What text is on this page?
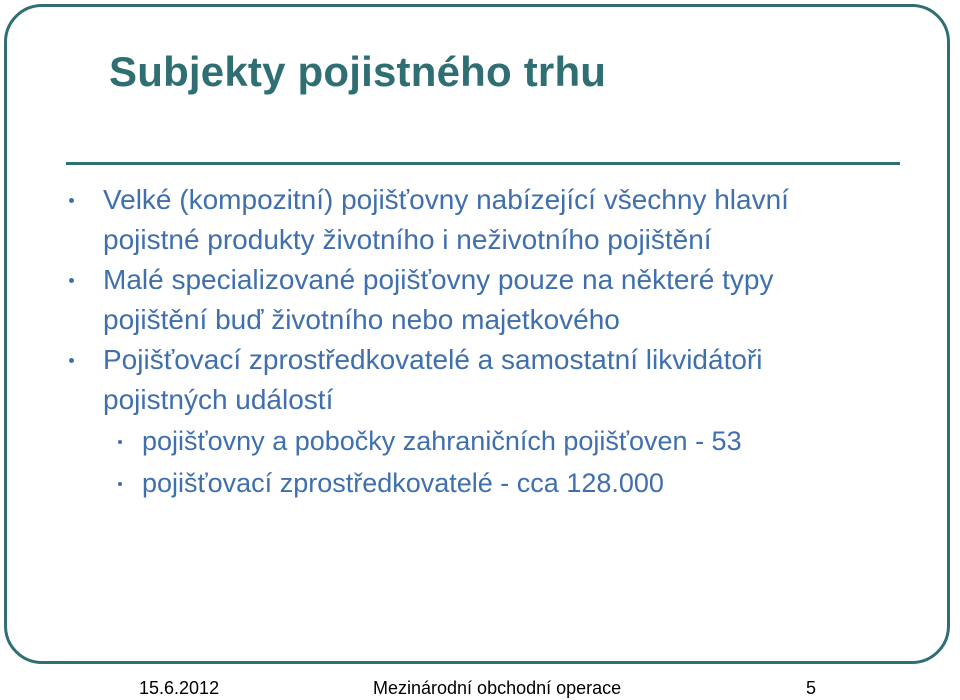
Subjekty pojistného trhu
Velké (kompozitní) pojišťovny nabízející všechny hlavní
pojistné produkty životního i neživotního pojištění
Malé specializované pojišťovny pouze na některé typy
pojištění buď životního nebo majetkového
Pojišťovací zprostředkovatelé a samostatní likvidátoři
pojistných událostí
pojišťovny a pobočky zahraničních pojišťoven - 53
pojišťovací zprostředkovatelé - cca 128.000
15.6.2012	Mezinárodní obchodní operace	5
